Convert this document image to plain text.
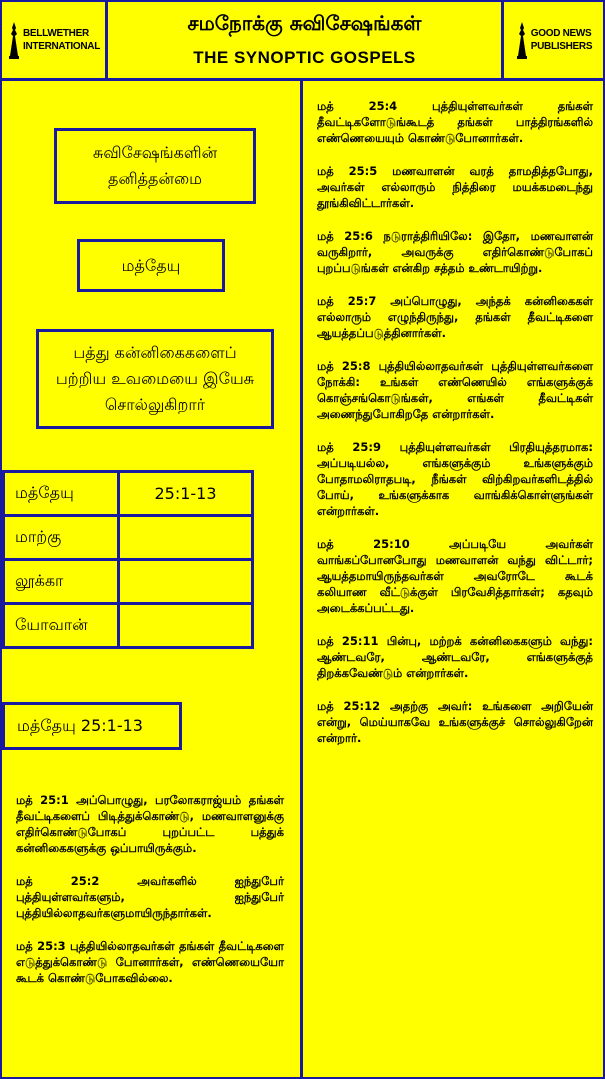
BELLWETHER
INTERNATIONAL
சமநோக்கு சுவிசேஷங்கள்
THE SYNOPTIC GOSPELS
GOOD NEWS
PUBLISHERS
சுவிசேஷங்களின் தனித்தன்மை
மத்தேயு
பத்து கன்னிகைகளைப் பற்றிய உவமையை இயேசு சொல்லுகிறார்
மத்தேயு	25:1-13
மாற்கு	
லூக்கா	
யோவான்	
மத்தேயு 25:1-13

மத் 25:1 அப்பொழுது, பரலோகராஜ்யம் தங்கள் தீவட்டிகளைப் பிடித்துக்கொண்டு, மணவாளனுக்கு எதிர்கொண்டுபோகப் புறப்பட்ட பத்துக் கன்னிகைகளுக்கு ஒப்பாயிருக்கும்.

மத் 25:2 அவர்களில் ஐந்துபேர் புத்தியுள்ளவர்களும், ஐந்துபேர் புத்தியில்லாதவர்களுமாயிருந்தார்கள்.

மத் 25:3 புத்தியில்லாதவர்கள் தங்கள் தீவட்டிகளை எடுத்துக்கொண்டு போனார்கள், எண்ணெயையோ கூடக் கொண்டுபோகவில்லை.

மத் 25:4 புத்தியுள்ளவர்கள் தங்கள் தீவட்டிகளோடுங்கூடத் தங்கள் பாத்திரங்களில் எண்ணெயையும் கொண்டுபோனார்கள்.

மத் 25:5 மணவாளன் வரத் தாமதித்தபோது, அவர்கள் எல்லாரும் நித்திரை மயக்கமடைந்து தூங்கிவிட்டார்கள்.

மத் 25:6 நடுராத்திரியிலே: இதோ, மணவாளன் வருகிறார், அவருக்கு எதிர்கொண்டுபோகப் புறப்படுங்கள் என்கிற சத்தம் உண்டாயிற்று.

மத் 25:7 அப்பொழுது, அந்தக் கன்னிகைகள் எல்லாரும் எழுந்திருந்து, தங்கள் தீவட்டிகளை ஆயத்தப்படுத்தினார்கள்.

மத் 25:8 புத்தியில்லாதவர்கள் புத்தியுள்ளவர்களை நோக்கி: உங்கள் எண்ணெயில் எங்களுக்குக் கொஞ்சங்கொடுங்கள், எங்கள் தீவட்டிகள் அணைந்துபோகிறதே என்றார்கள்.

மத் 25:9 புத்தியுள்ளவர்கள் பிரதியுத்தரமாக: அப்படியல்ல, எங்களுக்கும் உங்களுக்கும் போதாமலிராதபடி, நீங்கள் விற்கிறவர்களிடத்தில் போய், உங்களுக்காக வாங்கிக்கொள்ளுங்கள் என்றார்கள்.

மத் 25:10 அப்படியே அவர்கள் வாங்கப்போனபோது மணவாளன் வந்து விட்டார்; ஆயத்தமாயிருந்தவர்கள் அவரோடே கூடக் கலியாண வீட்டுக்குள் பிரவேசித்தார்கள்; கதவும் அடைக்கப்பட்டது.

மத் 25:11 பின்பு, மற்றக் கன்னிகைகளும் வந்து: ஆண்டவரே, ஆண்டவரே, எங்களுக்குத் திறக்கவேண்டும் என்றார்கள்.

மத் 25:12 அதற்கு அவர்: உங்களை அறியேன் என்று, மெய்யாகவே உங்களுக்குச் சொல்லுகிறேன் என்றார்.
